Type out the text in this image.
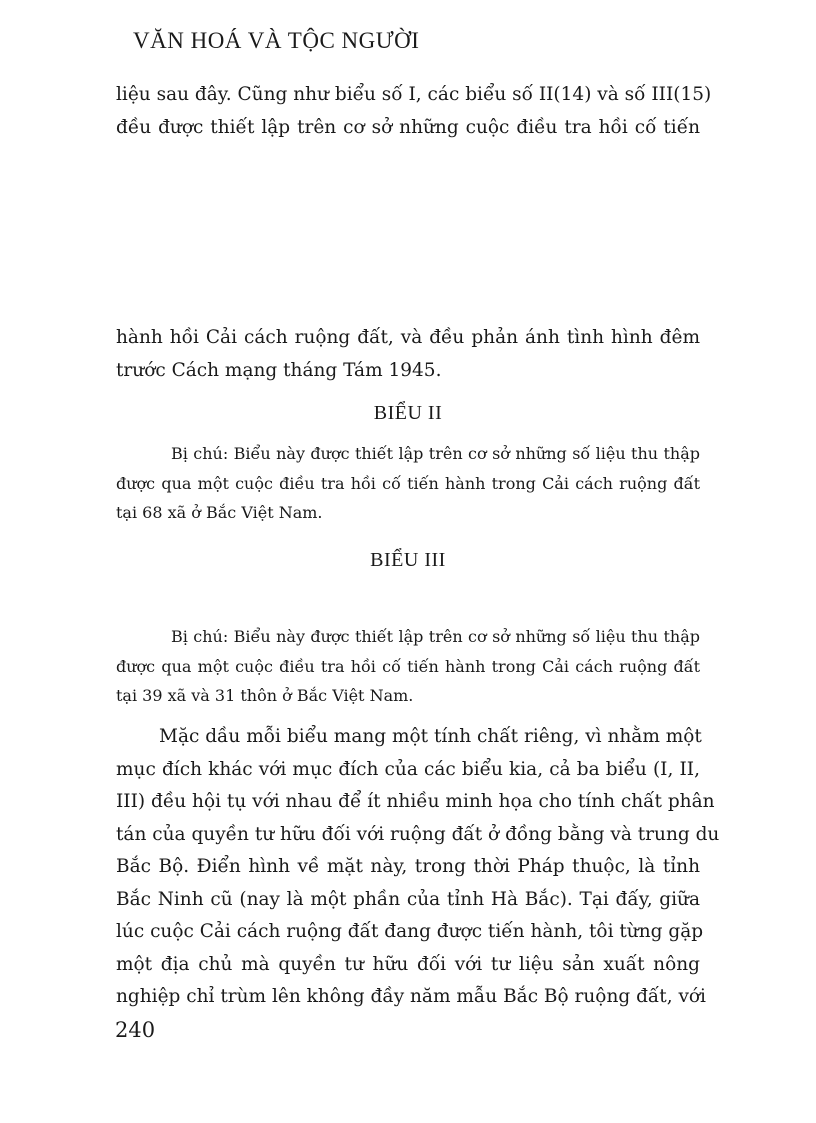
VĂN HOÁ VÀ TỘC NGƯỜI

liệu sau đây. Cũng như biểu số I, các biểu số II(14) và số III(15)
đều được thiết lập trên cơ sở những cuộc điều tra hồi cố tiến

hành hồi Cải cách ruộng đất, và đều phản ánh tình hình đêm
trước Cách mạng tháng Tám 1945.

BIỂU II

Bị chú: Biểu này được thiết lập trên cơ sở những số liệu thu thập
được qua một cuộc điều tra hồi cố tiến hành trong Cải cách ruộng đất
tại 68 xã ở Bắc Việt Nam.

BIỂU III

Bị chú: Biểu này được thiết lập trên cơ sở những số liệu thu thập
được qua một cuộc điều tra hồi cố tiến hành trong Cải cách ruộng đất
tại 39 xã và 31 thôn ở Bắc Việt Nam.

Mặc dầu mỗi biểu mang một tính chất riêng, vì nhằm một
mục đích khác với mục đích của các biểu kia, cả ba biểu (I, II,
III) đều hội tụ với nhau để ít nhiều minh họa cho tính chất phân
tán của quyền tư hữu đối với ruộng đất ở đồng bằng và trung du
Bắc Bộ. Điển hình về mặt này, trong thời Pháp thuộc, là tỉnh
Bắc Ninh cũ (nay là một phần của tỉnh Hà Bắc). Tại đấy, giữa
lúc cuộc Cải cách ruộng đất đang được tiến hành, tôi từng gặp
một địa chủ mà quyền tư hữu đối với tư liệu sản xuất nông
nghiệp chỉ trùm lên không đầy năm mẫu Bắc Bộ ruộng đất, với

240
